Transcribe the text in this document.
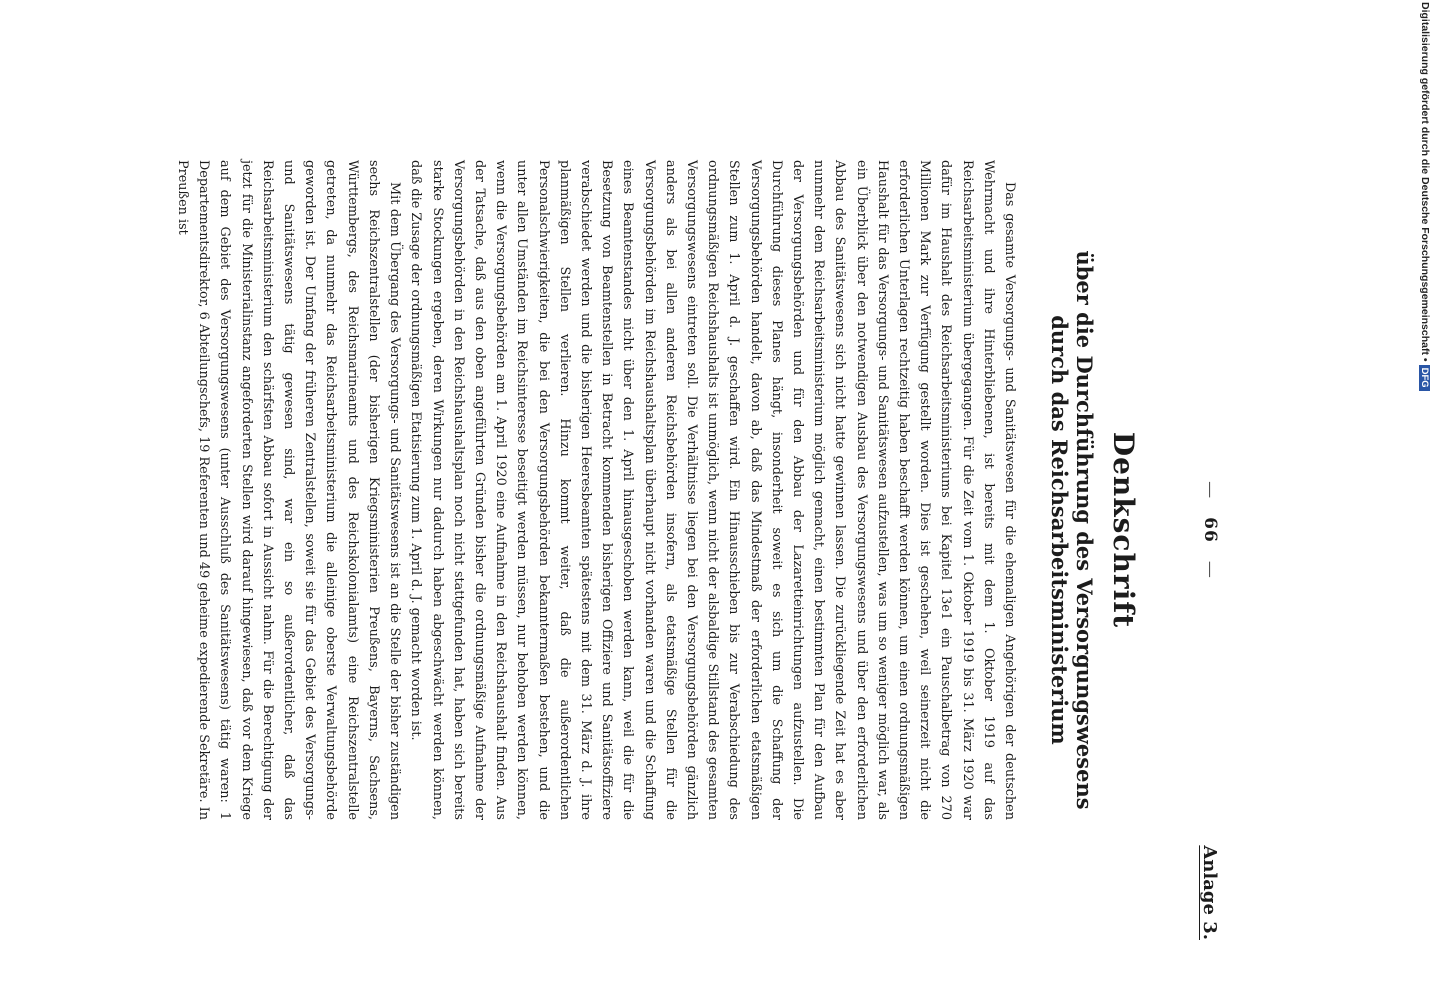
Anlage 3.
—66—
Denkschrift
über die Durchführung des Versorgungswesens
durch das Reichsarbeitsministerium

Das gesamte Versorgungs- und Sanitätswesen für die ehemaligen Angehörigen der deutschen Wehrmacht und ihre Hinterbliebenen, ist bereits mit dem 1. Oktober 1919 auf das Reichsarbeitsministerium übergegangen. Für die Zeit vom 1. Oktober 1919 bis 31. März 1920 war dafür im Haushalt des Reichsarbeitsministeriums bei Kapitel 13e1 ein Pauschalbetrag von 270 Millionen Mark zur Verfügung gestellt worden. Dies ist geschehen, weil seinerzeit nicht die erforderlichen Unterlagen rechtzeitig haben beschafft werden können, um einen ordnungsmäßigen Haushalt für das Versorgungs- und Sanitätswesen aufzustellen, was um so weniger möglich war, als ein Überblick über den notwendigen Ausbau des Versorgungswesens und über den erforderlichen Abbau des Sanitätswesens sich nicht hatte gewinnen lassen. Die zurückliegende Zeit hat es aber nunmehr dem Reichsarbeitsministerium möglich gemacht, einen bestimmten Plan für den Aufbau der Versorgungsbehörden und für den Abbau der Lazaretteinrichtungen aufzustellen. Die Durchführung dieses Planes hängt, insonderheit soweit es sich um die Schaffung der Versorgungsbehörden handelt, davon ab, daß das Mindestmaß der erforderlichen etatsmäßigen Stellen zum 1. April d. J. geschaffen wird. Ein Hinausschieben bis zur Verabschiedung des ordnungsmäßigen Reichshaushalts ist unmöglich, wenn nicht der alsbaldige Stillstand des gesamten Versorgungswesens eintreten soll. Die Verhältnisse liegen bei den Versorgungsbehörden gänzlich anders als bei allen anderen Reichsbehörden insofern, als etatsmäßige Stellen für die Versorgungsbehörden im Reichshaushaltsplan überhaupt nicht vorhanden waren und die Schaffung eines Beamtenstandes nicht über den 1. April hinausgeschoben werden kann, weil die für die Besetzung von Beamtenstellen in Betracht kommenden bisherigen Offiziere und Sanitätsoffiziere verabschiedet werden und die bisherigen Heeresbeamten spätestens mit dem 31. März d. J. ihre planmäßigen Stellen verlieren. Hinzu kommt weiter, daß die außerordentlichen Personalschwierigkeiten, die bei den Versorgungsbehörden bekanntermaßen bestehen, und die unter allen Umständen im Reichsinteresse beseitigt werden müssen, nur behoben werden können, wenn die Versorgungsbehörden am 1. April 1920 eine Aufnahme in den Reichshaushalt finden. Aus der Tatsache, daß aus den oben angeführten Gründen bisher die ordnungsmäßige Aufnahme der Versorgungsbehörden in den Reichshaushaltsplan noch nicht stattgefunden hat, haben sich bereits starke Stockungen ergeben, deren Wirkungen nur dadurch haben abgeschwächt werden können, daß die Zusage der ordnungsmäßigen Etatisierung zum 1. April d. J. gemacht worden ist.

Mit dem Übergang des Versorgungs- und Sanitätswesens ist an die Stelle der bisher zuständigen sechs Reichszentralstellen (der bisherigen Kriegsministerien Preußens, Bayerns, Sachsens, Württembergs, des Reichsmarineamts und des Reichskolonialamts) eine Reichszentralstelle getreten, da nunmehr das Reichsarbeitsministerium die alleinige oberste Verwaltungsbehörde geworden ist. Der Umfang der früheren Zentralstellen, soweit sie für das Gebiet des Versorgungs- und Sanitätswesens tätig gewesen sind, war ein so außerordentlicher, daß das Reichsarbeitsministerium den schärfsten Abbau sofort in Aussicht nahm. Für die Berechtigung der jetzt für die Ministerialinstanz angeforderten Stellen wird darauf hingewiesen, daß vor dem Kriege auf dem Gebiet des Versorgungswesens (unter Ausschluß des Sanitätswesens) tätig waren: 1 Departementsdirektor, 6 Abteilungschefs, 19 Referenten und 49 geheime expedierende Sekretäre. In Preußen ist	Digitalisierung gefördert durch die Deutsche Forschungsgemeinschaft •DFG
